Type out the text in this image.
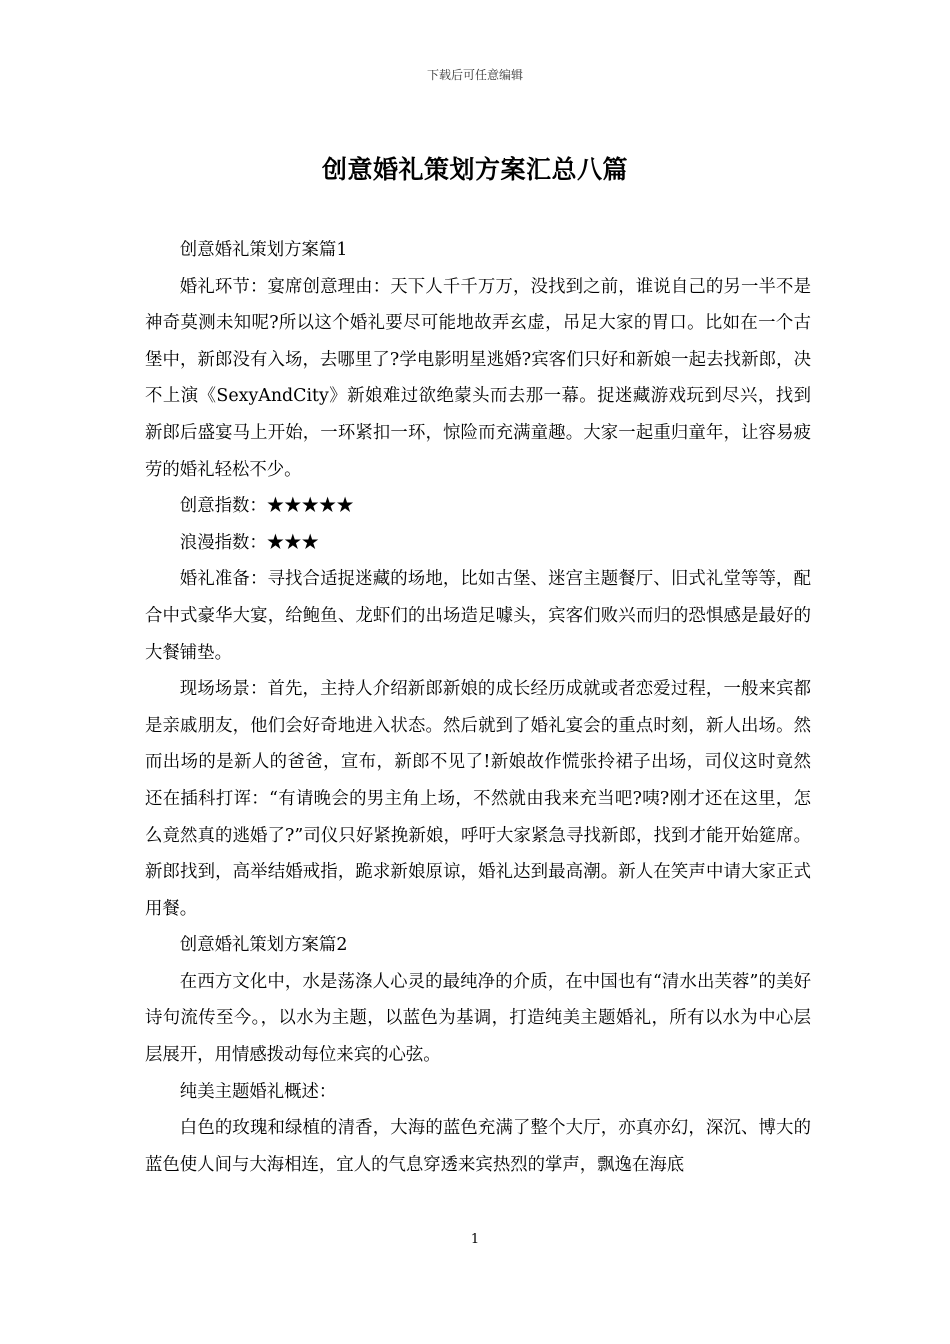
下载后可任意编辑
创意婚礼策划方案汇总八篇

创意婚礼策划方案篇1

婚礼环节：宴席创意理由：天下人千千万万，没找到之前，谁说自己的另一半不是神奇莫测未知呢?所以这个婚礼要尽可能地故弄玄虚，吊足大家的胃口。比如在一个古堡中，新郎没有入场，去哪里了?学电影明星逃婚?宾客们只好和新娘一起去找新郎，决不上演《SexyAndCity》新娘难过欲绝蒙头而去那一幕。捉迷藏游戏玩到尽兴，找到新郎后盛宴马上开始，一环紧扣一环，惊险而充满童趣。大家一起重归童年，让容易疲劳的婚礼轻松不少。

创意指数：★★★★★

浪漫指数：★★★

婚礼准备：寻找合适捉迷藏的场地，比如古堡、迷宫主题餐厅、旧式礼堂等等，配合中式豪华大宴，给鲍鱼、龙虾们的出场造足噱头，宾客们败兴而归的恐惧感是最好的大餐铺垫。

现场场景：首先，主持人介绍新郎新娘的成长经历成就或者恋爱过程，一般来宾都是亲戚朋友，他们会好奇地进入状态。然后就到了婚礼宴会的重点时刻，新人出场。然而出场的是新人的爸爸，宣布，新郎不见了!新娘故作慌张拎裙子出场，司仪这时竟然还在插科打诨：“有请晚会的男主角上场，不然就由我来充当吧?咦?刚才还在这里，怎么竟然真的逃婚了?”司仪只好紧挽新娘，呼吁大家紧急寻找新郎，找到才能开始筵席。新郎找到，高举结婚戒指，跪求新娘原谅，婚礼达到最高潮。新人在笑声中请大家正式用餐。

创意婚礼策划方案篇2

在西方文化中，水是荡涤人心灵的最纯净的介质，在中国也有“清水出芙蓉”的美好诗句流传至今。，以水为主题，以蓝色为基调，打造纯美主题婚礼，所有以水为中心层层展开，用情感拨动每位来宾的心弦。

纯美主题婚礼概述：

白色的玫瑰和绿植的清香，大海的蓝色充满了整个大厅，亦真亦幻，深沉、博大的蓝色使人间与大海相连，宜人的气息穿透来宾热烈的掌声，飘逸在海底

1
